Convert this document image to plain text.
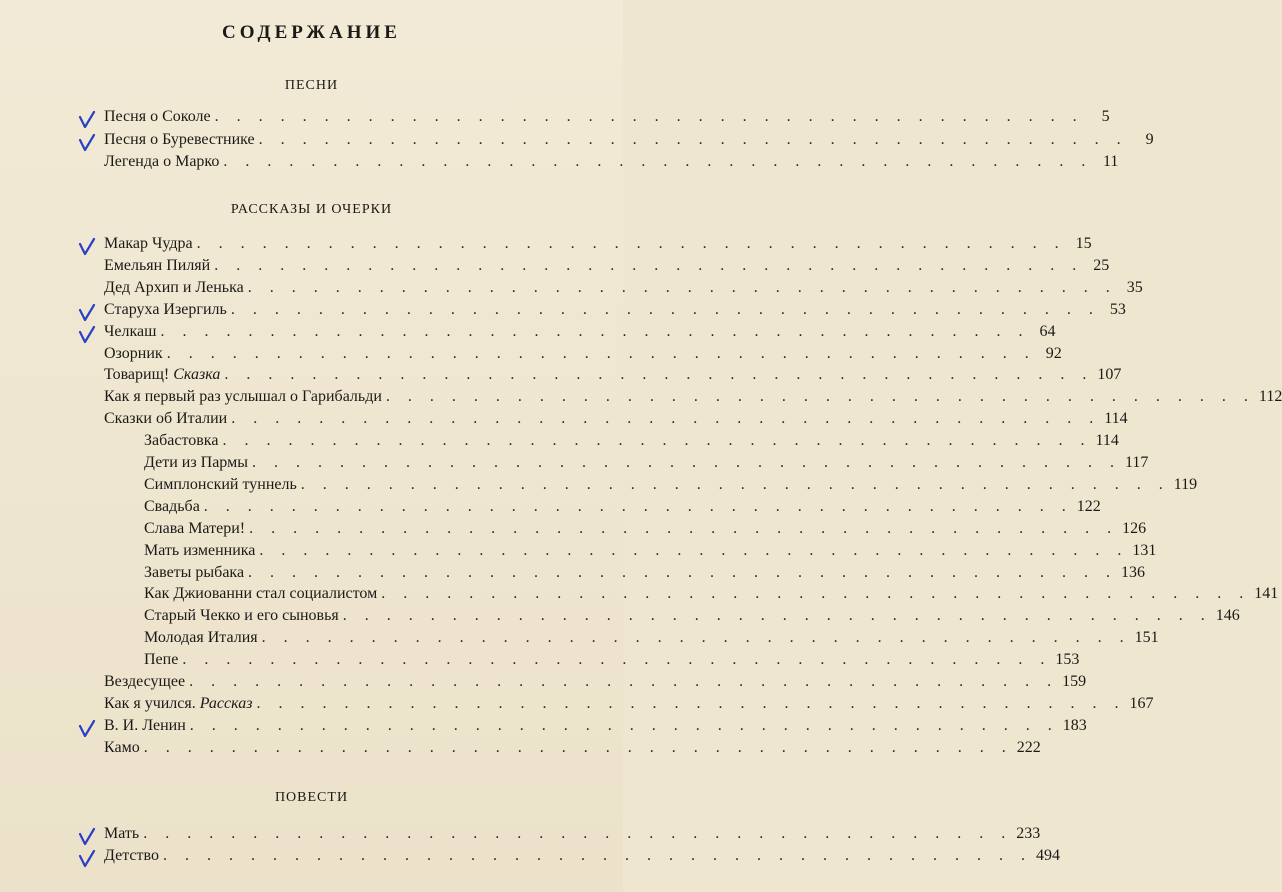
СОДЕРЖАНИЕ
ПЕСНИ
Песня о Соколе . . . . . . . . . . . . . . . . . . . . . . . . . . . . . . . . . . . . . . . .	5
Песня о Буревестнике . . . . . . . . . . . . . . . . . . . . . . . . . . . . . . . . . . . . . . . .	9
Легенда о Марко . . . . . . . . . . . . . . . . . . . . . . . . . . . . . . . . . . . . . . . . 11
РАССКАЗЫ И ОЧЕРКИ
Макар Чудра . . . . . . . . . . . . . . . . . . . . . . . . . . . . . . . . . . . . . . . . 15
Емельян Пиляй . . . . . . . . . . . . . . . . . . . . . . . . . . . . . . . . . . . . . . . . 25
Дед Архип и Ленька . . . . . . . . . . . . . . . . . . . . . . . . . . . . . . . . . . . . . . . . 35
Старуха Изергиль . . . . . . . . . . . . . . . . . . . . . . . . . . . . . . . . . . . . . . . . 53
Челкаш . . . . . . . . . . . . . . . . . . . . . . . . . . . . . . . . . . . . . . . . 64
Озорник . . . . . . . . . . . . . . . . . . . . . . . . . . . . . . . . . . . . . . . . 92
Товарищ! Сказка . . . . . . . . . . . . . . . . . . . . . . . . . . . . . . . . . . . . . . . . 107
Как я первый раз услышал о Гарибальди . . . . . . . . . . . . . . . . . . . . . . . . . . . . . . . . . . . . . . . . 112
Сказки об Италии . . . . . . . . . . . . . . . . . . . . . . . . . . . . . . . . . . . . . . . . 114
Забастовка . . . . . . . . . . . . . . . . . . . . . . . . . . . . . . . . . . . . . . . . 114
Дети из Пармы . . . . . . . . . . . . . . . . . . . . . . . . . . . . . . . . . . . . . . . . 117
Симплонский туннель . . . . . . . . . . . . . . . . . . . . . . . . . . . . . . . . . . . . . . . . 119
Свадьба . . . . . . . . . . . . . . . . . . . . . . . . . . . . . . . . . . . . . . . . 122
Слава Матери! . . . . . . . . . . . . . . . . . . . . . . . . . . . . . . . . . . . . . . . . 126
Мать изменника . . . . . . . . . . . . . . . . . . . . . . . . . . . . . . . . . . . . . . . . 131
Заветы рыбака . . . . . . . . . . . . . . . . . . . . . . . . . . . . . . . . . . . . . . . . 136
Как Джиованни стал социалистом . . . . . . . . . . . . . . . . . . . . . . . . . . . . . . . . . . . . . . . . 141
Старый Чекко и его сыновья . . . . . . . . . . . . . . . . . . . . . . . . . . . . . . . . . . . . . . . . 146
Молодая Италия . . . . . . . . . . . . . . . . . . . . . . . . . . . . . . . . . . . . . . . . 151
Пепе . . . . . . . . . . . . . . . . . . . . . . . . . . . . . . . . . . . . . . . . 153
Вездесущее . . . . . . . . . . . . . . . . . . . . . . . . . . . . . . . . . . . . . . . . 159
Как я учился. Рассказ . . . . . . . . . . . . . . . . . . . . . . . . . . . . . . . . . . . . . . . . 167
В. И. Ленин . . . . . . . . . . . . . . . . . . . . . . . . . . . . . . . . . . . . . . . . 183
Камо . . . . . . . . . . . . . . . . . . . . . . . . . . . . . . . . . . . . . . . . 222
ПОВЕСТИ
Мать . . . . . . . . . . . . . . . . . . . . . . . . . . . . . . . . . . . . . . . . 233
Детство . . . . . . . . . . . . . . . . . . . . . . . . . . . . . . . . . . . . . . . . 494
